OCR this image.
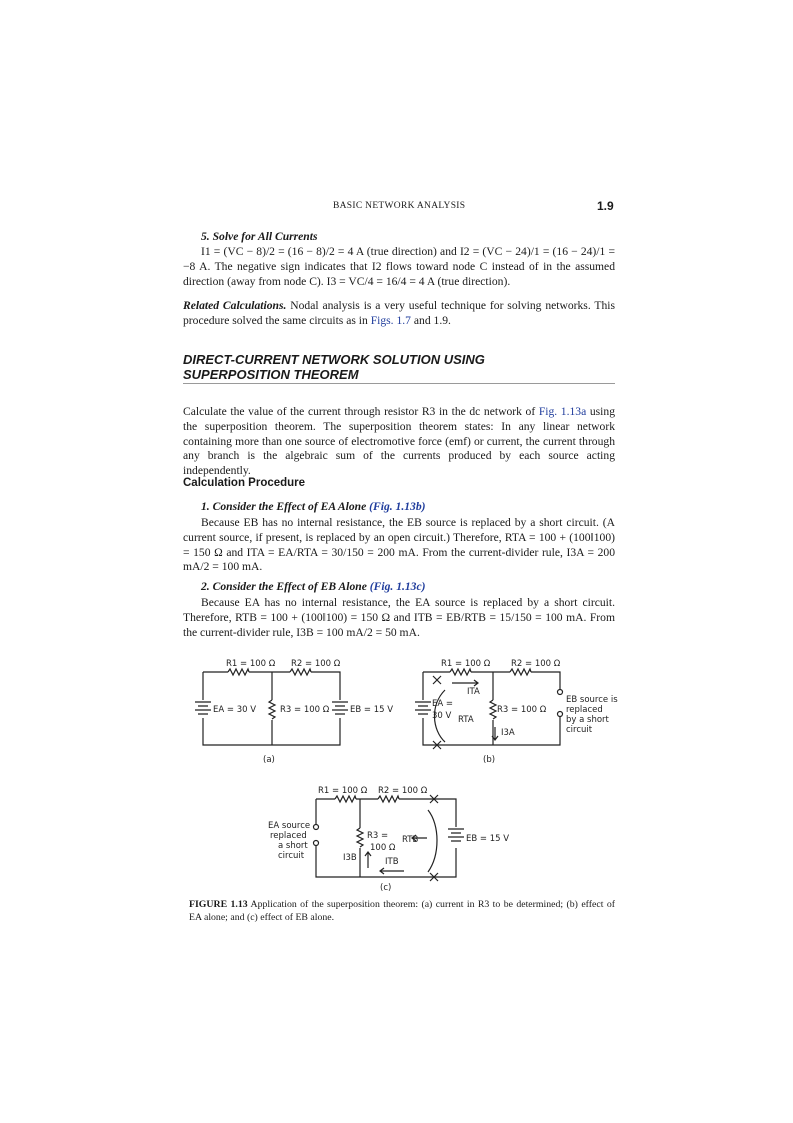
BASIC NETWORK ANALYSIS	1.9
5. Solve for All Currents

I1 = (VC − 8)/2 = (16 − 8)/2 = 4 A (true direction) and I2 = (VC − 24)/1 = (16 − 24)/1 = −8 A. The negative sign indicates that I2 flows toward node C instead of in the assumed direction (away from node C). I3 = VC/4 = 16/4 = 4 A (true direction).

Related Calculations. Nodal analysis is a very useful technique for solving networks. This procedure solved the same circuits as in Figs. 1.7 and 1.9.

DIRECT-CURRENT NETWORK SOLUTION USING
SUPERPOSITION THEOREM

Calculate the value of the current through resistor R3 in the dc network of Fig. 1.13a using the superposition theorem. The superposition theorem states: In any linear network containing more than one source of electromotive force (emf) or current, the current through any branch is the algebraic sum of the currents produced by each source acting independently.

Calculation Procedure
1. Consider the Effect of EA Alone (Fig. 1.13b)

Because EB has no internal resistance, the EB source is replaced by a short circuit. (A current source, if present, is replaced by an open circuit.) Therefore, RTA = 100 + (100‖100) = 150 Ω and ITA = EA/RTA = 30/150 = 200 mA. From the current-divider rule, I3A = 200 mA/2 = 100 mA.

2. Consider the Effect of EB Alone (Fig. 1.13c)

Because EA has no internal resistance, the EA source is replaced by a short circuit. Therefore, RTB = 100 + (100‖100) = 150 Ω and ITB = EB/RTB = 15/150 = 100 mA. From the current-divider rule, I3B = 100 mA/2 = 50 mA.

R1 = 100 Ω R2 = 100 Ω
R3 = 100 Ω
EA = 30 V	EB = 15 V
(a)
R1 = 100 Ω R2 = 100 Ω
R3 = 100 Ω
EA =
30 V
ITA
RTA
I3A
EB source is
replaced
by a short
circuit
(b)
R1 = 100 Ω R2 = 100 Ω
R3 =
100 Ω
EB = 15 V
RTB
ITB
I3B
EA source
replaced
a short
circuit
(c)

FIGURE 1.13 Application of the superposition theorem: (a) current in R3 to be determined; (b) effect of EA alone; and (c) effect of EB alone.
